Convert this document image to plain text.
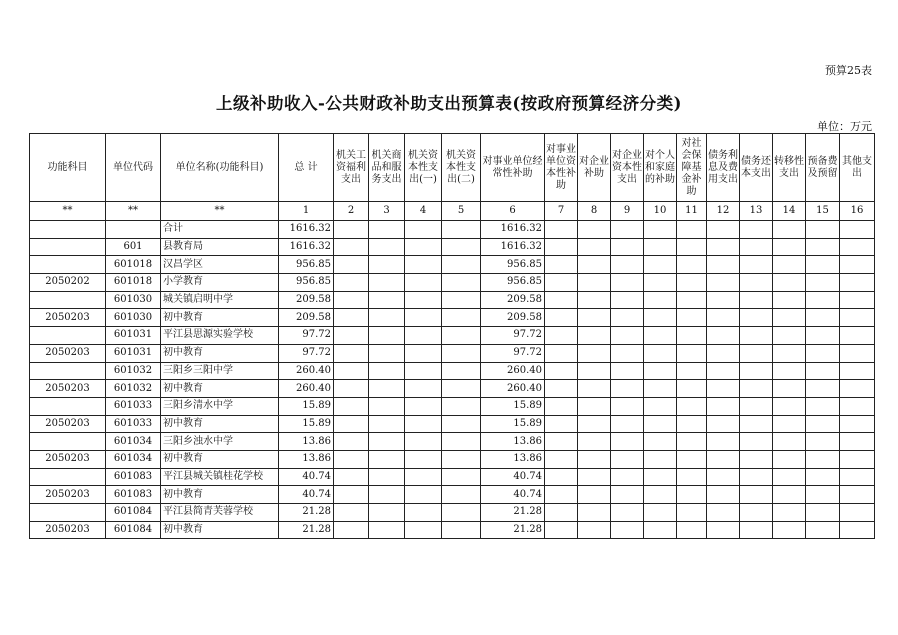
预算25表
上级补助收入-公共财政补助支出预算表(按政府预算经济分类)
单位：万元
功能科目	单位代码	单位名称(功能科目)	总 计	机关工资福利支出	机关商品和服务支出	机关资本性支出(一)	机关资本性支出(二)	对事业单位经常性补助	对事业单位资本性补助	对企业补助	对企业资本性支出	对个人和家庭的补助	对社会保障基金补助	债务利息及费用支出	债务还本支出	转移性支出	预备费及预留	其他支出
**	**	**	1	2	3	4	5	6	7	8	9	10	11	12	13	14	15	16
		合计	1616.32					1616.32										
	601	县教育局	1616.32					1616.32										
	601018	汉昌学区	956.85					956.85										
2050202	601018	小学教育	956.85					956.85										
	601030	城关镇启明中学	209.58					209.58										
2050203	601030	初中教育	209.58					209.58										
	601031	平江县思源实验学校	97.72					97.72										
2050203	601031	初中教育	97.72					97.72										
	601032	三阳乡三阳中学	260.40					260.40										
2050203	601032	初中教育	260.40					260.40										
	601033	三阳乡清水中学	15.89					15.89										
2050203	601033	初中教育	15.89					15.89										
	601034	三阳乡浊水中学	13.86					13.86										
2050203	601034	初中教育	13.86					13.86										
	601083	平江县城关镇桂花学校	40.74					40.74										
2050203	601083	初中教育	40.74					40.74										
	601084	平江县简青芙蓉学校	21.28					21.28										
2050203	601084	初中教育	21.28					21.28										
